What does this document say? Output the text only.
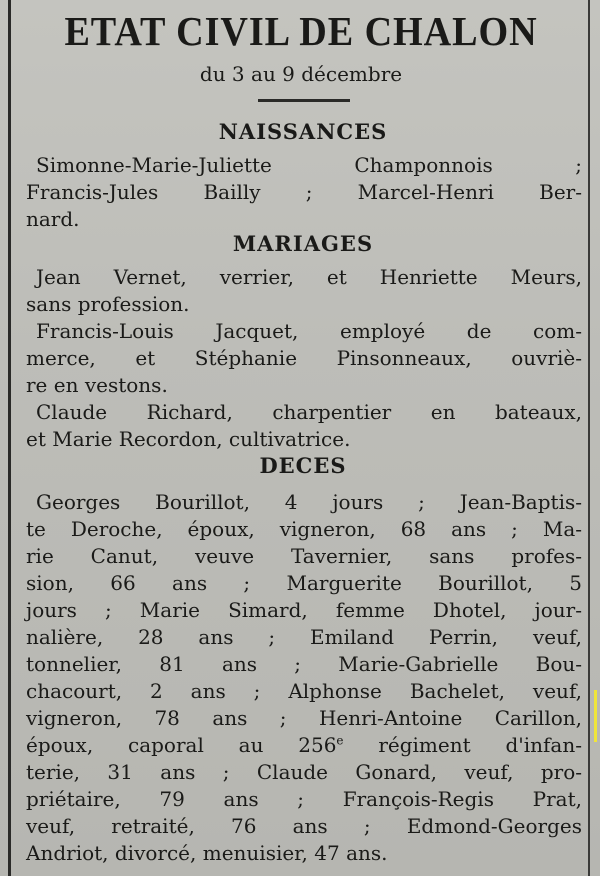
ETAT CIVIL DE CHALON
du 3 au 9 décembre
NAISSANCES
Simonne-Marie-Juliette Champonnois ;
Francis-Jules Bailly ; Marcel-Henri Ber-
nard.
MARIAGES
Jean Vernet, verrier, et Henriette Meurs,
sans profession.
Francis-Louis Jacquet, employé de com-
merce, et Stéphanie Pinsonneaux, ouvriè-
re en vestons.
Claude Richard, charpentier en bateaux,
et Marie Recordon, cultivatrice.
DECES
Georges Bourillot, 4 jours ; Jean-Baptis-
te Deroche, époux, vigneron, 68 ans ; Ma-
rie Canut, veuve Tavernier, sans profes-
sion, 66 ans ; Marguerite Bourillot, 5
jours ; Marie Simard, femme Dhotel, jour-
nalière, 28 ans ; Emiland Perrin, veuf,
tonnelier, 81 ans ; Marie-Gabrielle Bou-
chacourt, 2 ans ; Alphonse Bachelet, veuf,
vigneron, 78 ans ; Henri-Antoine Carillon,
époux, caporal au 256e régiment d'infan-
terie, 31 ans ; Claude Gonard, veuf, pro-
priétaire, 79 ans ; François-Regis Prat,
veuf, retraité, 76 ans ; Edmond-Georges
Andriot, divorcé, menuisier, 47 ans.
